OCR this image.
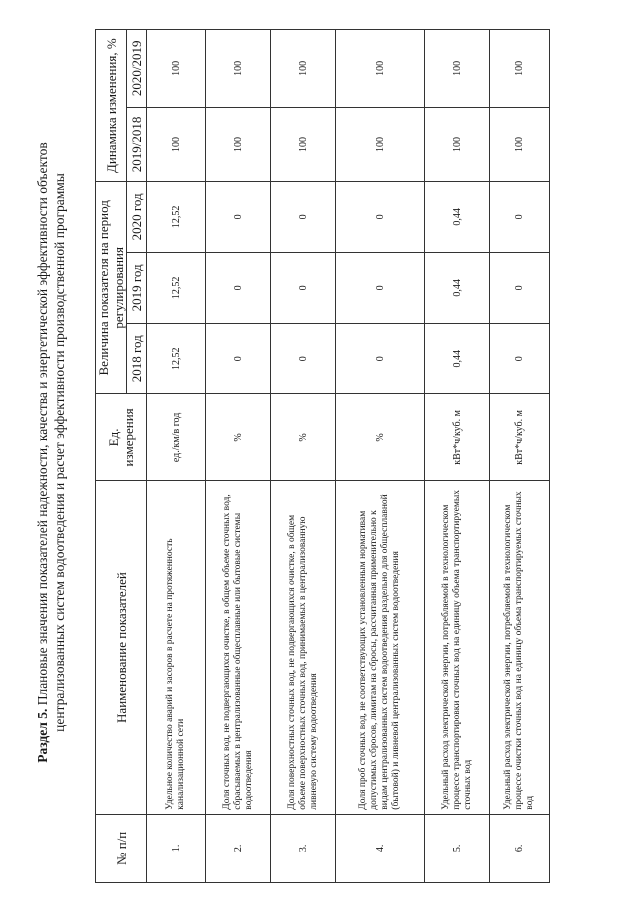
Раздел 5. Плановые значения показателей надежности, качества и энергетической эффективности объектов централизованных систем водоотведения и расчет эффективности производственной программы
№ п/п	Наименование показателей	Ед. измерения	Величина показателя на период регулирования			Динамика изменения, %	
			2018 год	2019 год	2020 год	2019/2018	2020/2019
1.	Удельное количество аварий и засоров в расчете на протяженность канализационной сети	ед./км/в год	12,52	12,52	12,52	100	100
2.	Доля сточных вод, не подвергающихся очистке, в общем объеме сточных вод, сбрасываемых в централизованные общесплавные или бытовые системы водоотведения	%	0	0	0	100	100
3.	Доля поверхностных сточных вод, не подвергающихся очистке, в общем объеме поверхностных сточных вод, принимаемых в централизованную ливневую систему водоотведения	%	0	0	0	100	100
4.	Доля проб сточных вод, не соответствующих установленным нормативам допустимых сбросов, лимитам на сбросы, рассчитанная применительно к видам централизованных систем водоотведения раздельно для общесплавной (бытовой) и ливневой централизованных систем водоотведения	%	0	0	0	100	100
5.	Удельный расход электрической энергии, потребляемой в технологическом процессе транспортировки сточных вод на единицу объема транспортируемых сточных вод	кВт*ч/куб. м	0,44	0,44	0,44	100	100
6.	Удельный расход электрической энергии, потребляемой в технологическом процессе очистки сточных вод на единицу объема транспортируемых сточных вод	кВт*ч/куб. м	0	0	0	100	100
